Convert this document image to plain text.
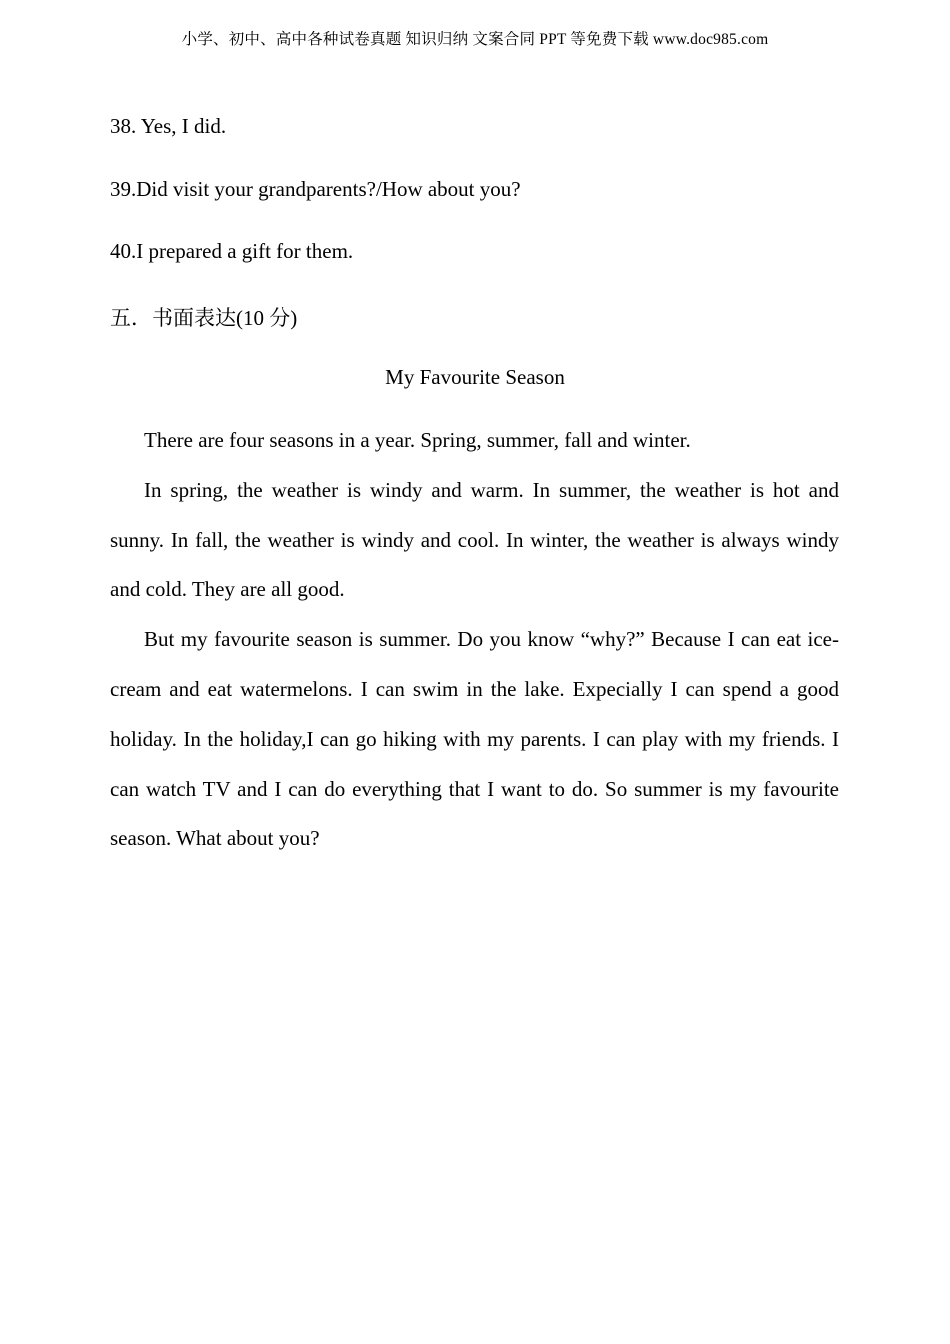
小学、初中、高中各种试卷真题 知识归纳 文案合同 PPT 等免费下载 www.doc985.com
38. Yes, I did.
39.Did visit your grandparents?/How about you?
40.I prepared a gift for them.
五．书面表达(10 分)
My Favourite Season

There are four seasons in a year. Spring, summer, fall and winter.

In spring, the weather is windy and warm. In summer, the weather is hot and sunny. In fall, the weather is windy and cool. In winter, the weather is always windy and cold. They are all good.

But my favourite season is summer. Do you know “why?” Because I can eat ice-cream and eat watermelons. I can swim in the lake. Expecially I can spend a good holiday. In the holiday,I can go hiking with my parents. I can play with my friends. I can watch TV and I can do everything that I want to do. So summer is my favourite season. What about you?
